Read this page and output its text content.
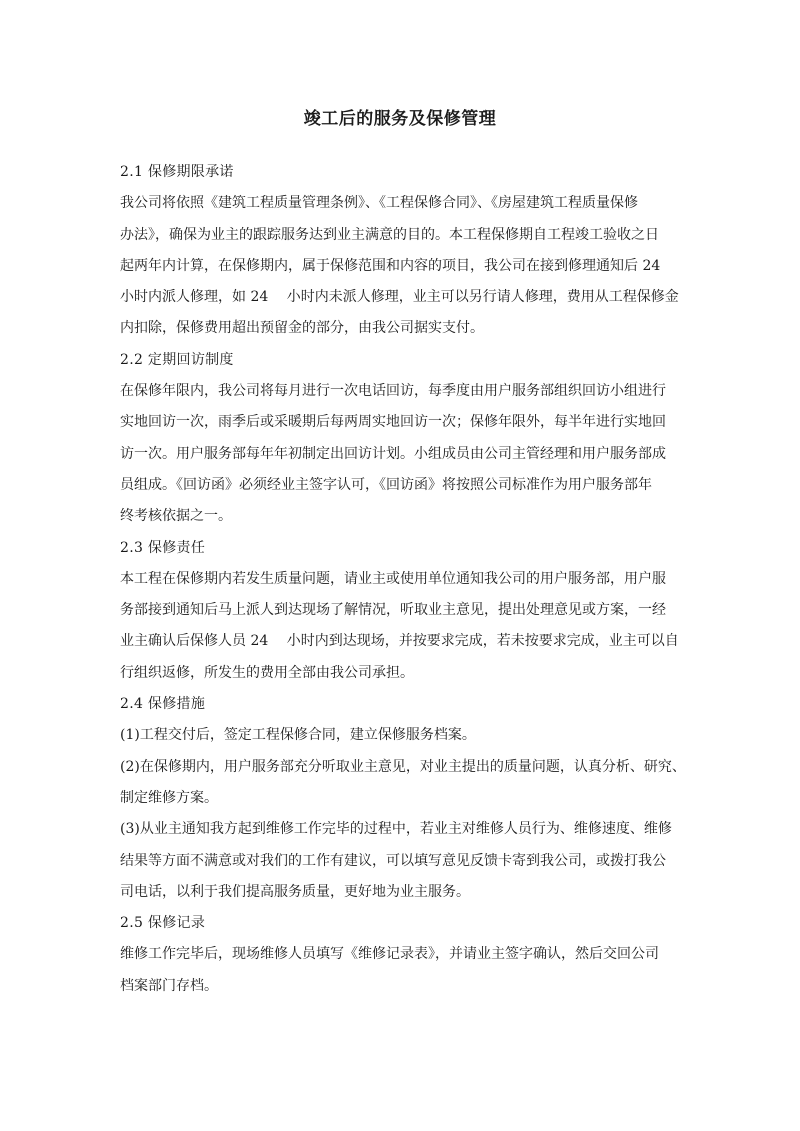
竣工后的服务及保修管理
2.1 保修期限承诺
我公司将依照《建筑工程质量管理条例》、《工程保修合同》、《房屋建筑工程质量保修
办法》，确保为业主的跟踪服务达到业主满意的目的。本工程保修期自工程竣工验收之日
起两年内计算，在保修期内，属于保修范围和内容的项目，我公司在接到修理通知后 24
小时内派人修理，如 24　 小时内未派人修理，业主可以另行请人修理，费用从工程保修金
内扣除，保修费用超出预留金的部分，由我公司据实支付。
2.2 定期回访制度
在保修年限内，我公司将每月进行一次电话回访，每季度由用户服务部组织回访小组进行
实地回访一次，雨季后或采暖期后每两周实地回访一次；保修年限外，每半年进行实地回
访一次。用户服务部每年年初制定出回访计划。小组成员由公司主管经理和用户服务部成
员组成。《回访函》必须经业主签字认可，《回访函》将按照公司标准作为用户服务部年
终考核依据之一。
2.3 保修责任
本工程在保修期内若发生质量问题，请业主或使用单位通知我公司的用户服务部，用户服
务部接到通知后马上派人到达现场了解情况，听取业主意见，提出处理意见或方案，一经
业主确认后保修人员 24　 小时内到达现场，并按要求完成，若未按要求完成，业主可以自
行组织返修，所发生的费用全部由我公司承担。
2.4 保修措施
(1)工程交付后，签定工程保修合同，建立保修服务档案。
(2)在保修期内，用户服务部充分听取业主意见，对业主提出的质量问题，认真分析、研究、
制定维修方案。
(3)从业主通知我方起到维修工作完毕的过程中，若业主对维修人员行为、维修速度、维修
结果等方面不满意或对我们的工作有建议，可以填写意见反馈卡寄到我公司，或拨打我公
司电话，以利于我们提高服务质量，更好地为业主服务。
2.5 保修记录
维修工作完毕后，现场维修人员填写《维修记录表》，并请业主签字确认，然后交回公司
档案部门存档。
